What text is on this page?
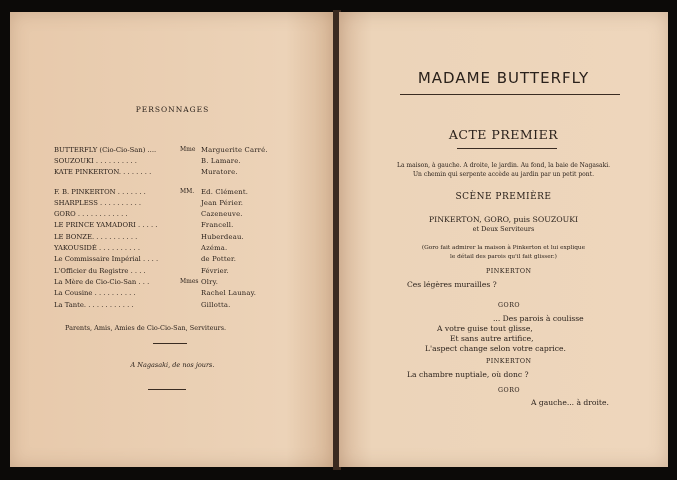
PERSONNAGES
BUTTERFLY (Cio-Cio-San) ....	Mme Marguerite Carré.
SOUZOUKI . . . . . . . . . .	B. Lamare.
KATE PINKERTON. . . . . . . .	Muratore.
F. B. PINKERTON . . . . . . .	MM. Ed. Clément.
SHARPLESS . . . . . . . . . .	Jean Périer.
GORO . . . . . . . . . . . .	Cazeneuve.
LE PRINCE YAMADORI . . . . .	Francell.
LE BONZE. . . . . . . . . . .	Huberdeau.
YAKOUSIDÉ . . . . . . . . . .	Azéma.
Le Commissaire Impérial . . . .	de Potter.
L'Officier du Registre . . . .	Février.
La Mère de Cio-Cio-San . . .	Mmes Olry.
La Cousine . . . . . . . . . .	Rachel Launay.
La Tante. . . . . . . . . . . .	Gillotta.
Parents, Amis, Amies de Cio-Cio-San, Serviteurs.
A Nagasaki, de nos jours.
MADAME BUTTERFLY
ACTE PREMIER
La maison, à gauche. A droite, le jardin. Au fond, la baie de Nagasaki.
Un chemin qui serpente accède au jardin par un petit pont.
SCÈNE PREMIÈRE
PINKERTON, GORO, puis SOUZOUKI
et Deux Serviteurs
(Goro fait admirer la maison à Pinkerton et lui explique
le détail des parois qu'il fait glisser.)
PINKERTON
Ces légères murailles ?
GORO
... Des parois à coulisse
A votre guise tout glisse,
Et sans autre artifice,
L'aspect change selon votre caprice.
PINKERTON
La chambre nuptiale, où donc ?
GORO
A gauche... à droite.
